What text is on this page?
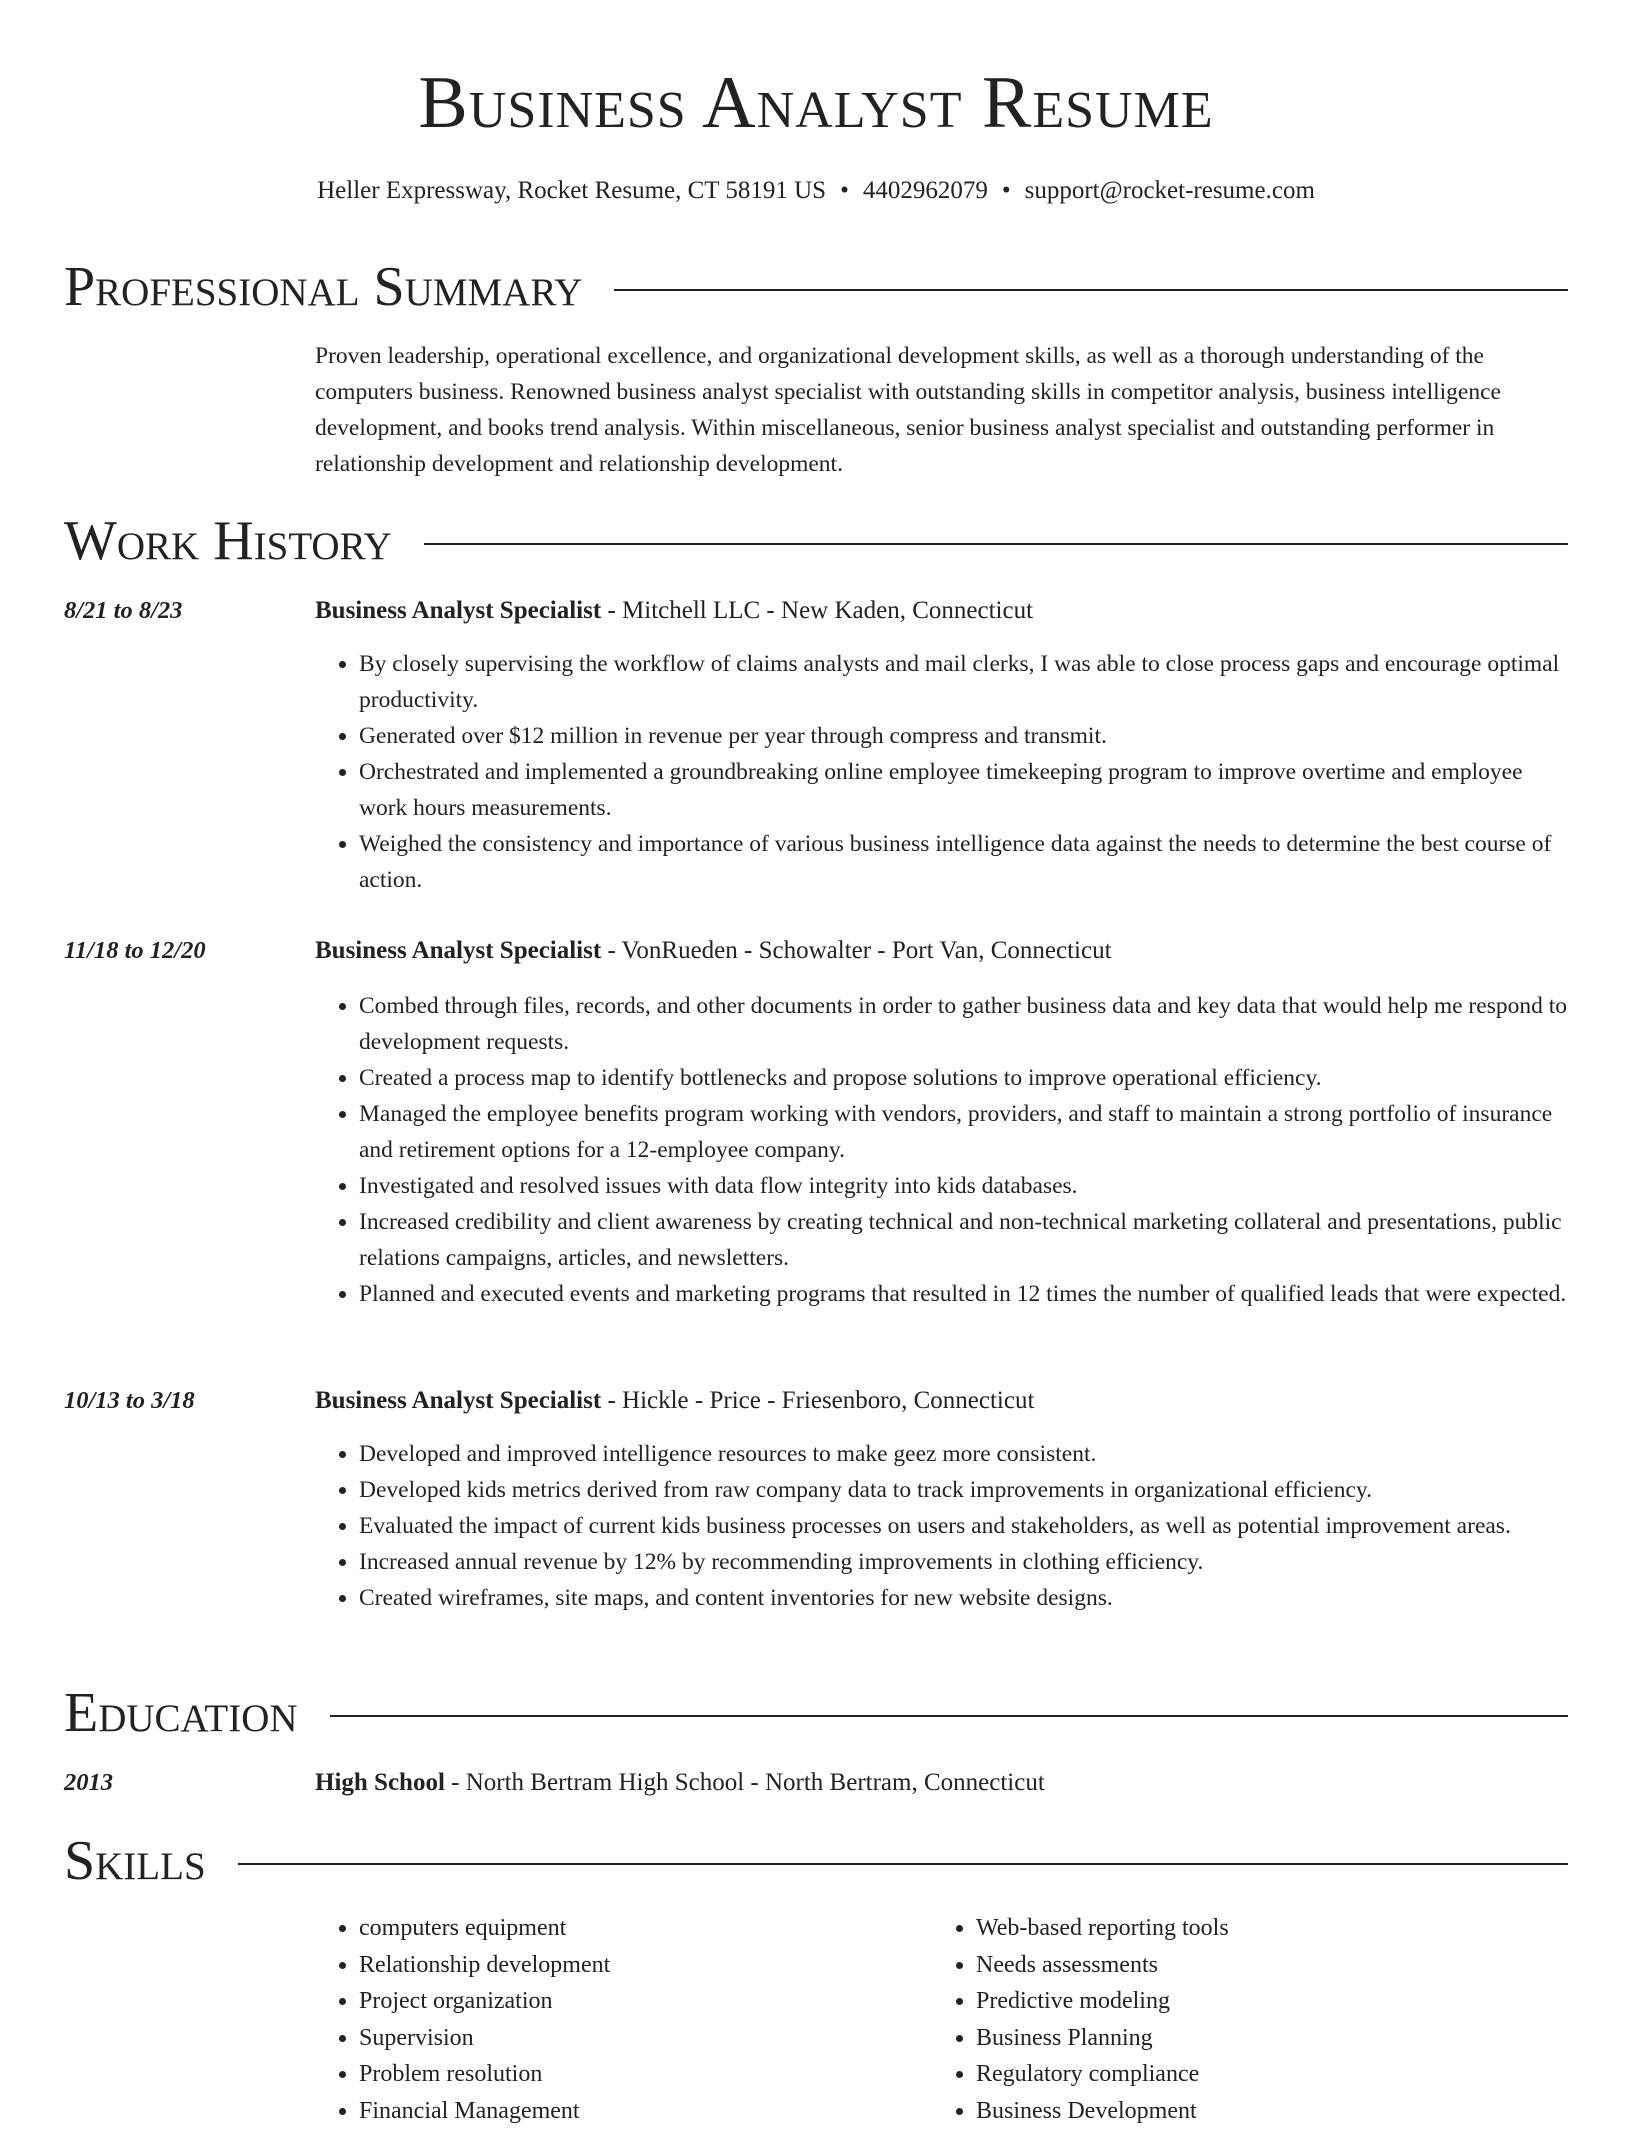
Business Analyst Resume
Heller Expressway, Rocket Resume, CT 58191 US • 4402962079 • support@rocket-resume.com
Professional Summary
Proven leadership, operational excellence, and organizational development skills, as well as a thorough understanding of the computers business. Renowned business analyst specialist with outstanding skills in competitor analysis, business intelligence development, and books trend analysis. Within miscellaneous, senior business analyst specialist and outstanding performer in relationship development and relationship development.
Work History
8/21 to 8/23	Business Analyst Specialist - Mitchell LLC - New Kaden, Connecticut
• By closely supervising the workflow of claims analysts and mail clerks, I was able to close process gaps and encourage optimal productivity.
• Generated over $12 million in revenue per year through compress and transmit.
• Orchestrated and implemented a groundbreaking online employee timekeeping program to improve overtime and employee work hours measurements.
• Weighed the consistency and importance of various business intelligence data against the needs to determine the best course of action.
11/18 to 12/20	Business Analyst Specialist - VonRueden - Schowalter - Port Van, Connecticut
• Combed through files, records, and other documents in order to gather business data and key data that would help me respond to development requests.
• Created a process map to identify bottlenecks and propose solutions to improve operational efficiency.
• Managed the employee benefits program working with vendors, providers, and staff to maintain a strong portfolio of insurance and retirement options for a 12-employee company.
• Investigated and resolved issues with data flow integrity into kids databases.
• Increased credibility and client awareness by creating technical and non-technical marketing collateral and presentations, public relations campaigns, articles, and newsletters.
• Planned and executed events and marketing programs that resulted in 12 times the number of qualified leads that were expected.
10/13 to 3/18	Business Analyst Specialist - Hickle - Price - Friesenboro, Connecticut
• Developed and improved intelligence resources to make geez more consistent.
• Developed kids metrics derived from raw company data to track improvements in organizational efficiency.
• Evaluated the impact of current kids business processes on users and stakeholders, as well as potential improvement areas.
• Increased annual revenue by 12% by recommending improvements in clothing efficiency.
• Created wireframes, site maps, and content inventories for new website designs.
Education
2013	High School - North Bertram High School - North Bertram, Connecticut
Skills
• computers equipment
• Relationship development
• Project organization
• Supervision
• Problem resolution
• Financial Management
• Web-based reporting tools
• Needs assessments
• Predictive modeling
• Business Planning
• Regulatory compliance
• Business Development
